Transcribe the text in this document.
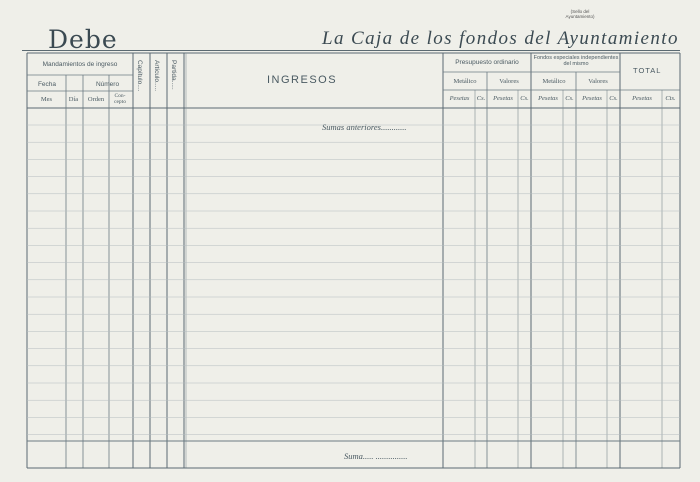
Debe
(Sello del Ayuntamiento)
La Caja de los fondos del Ayuntamiento
Mandamientos de ingreso
Fecha	Número
Mes	Día	Orden	Con-cepto
Capítulo.... Artículo..... Partida.....	INGRESOS
Presupuesto ordinario
Fondos especiales independientes del mismo
Metálico	Valores	Metálico	Valores
Pesetas	Cs.	Pesetas	Cs.	Pesetas	Cs.	Pesetas	Cs.
TOTAL
Pesetas	Cts.
Sumas anteriores............
Suma..... ...............
